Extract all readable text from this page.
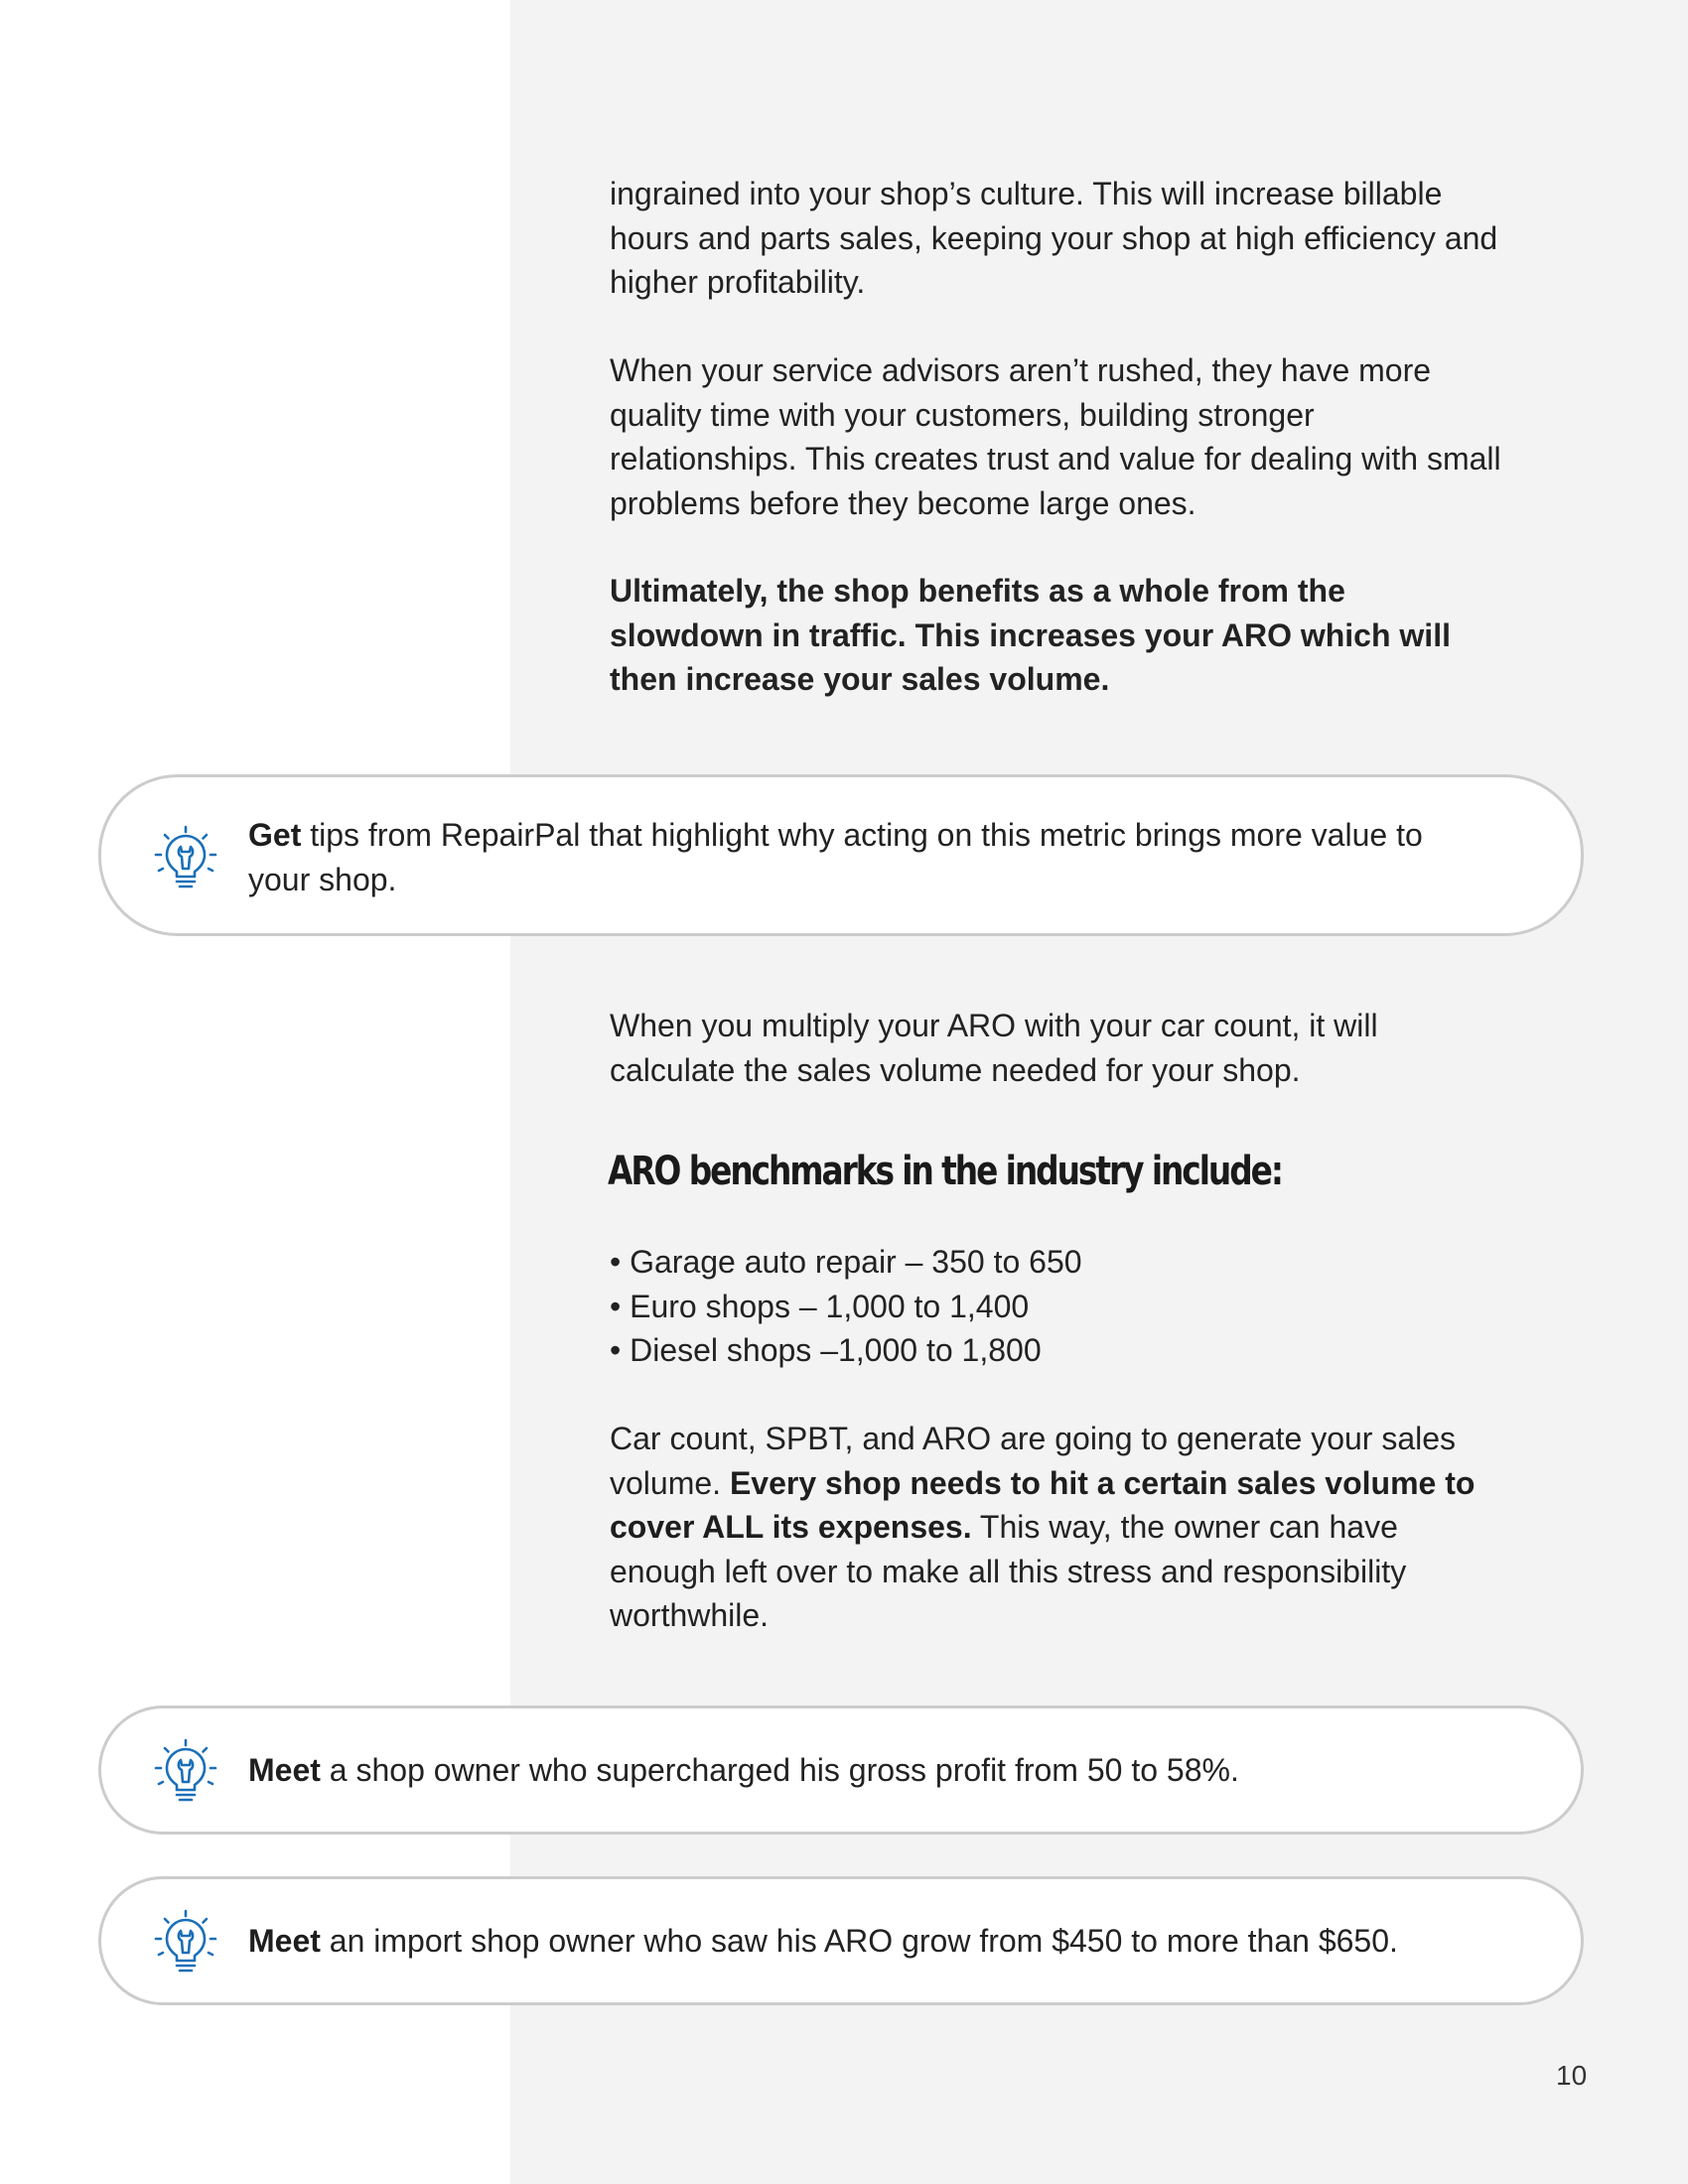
ingrained into your shop’s culture. This will increase billable hours and parts sales, keeping your shop at high efficiency and higher profitability.

When your service advisors aren’t rushed, they have more quality time with your customers, building stronger relationships. This creates trust and value for dealing with small problems before they become large ones.

Ultimately, the shop benefits as a whole from the slowdown in traffic. This increases your ARO which will then increase your sales volume.

Get tips from RepairPal that highlight why acting on this metric brings more value to your shop.

When you multiply your ARO with your car count, it will calculate the sales volume needed for your shop.

ARO benchmarks in the industry include:
• Garage auto repair – 350 to 650
• Euro shops – 1,000 to 1,400
• Diesel shops –1,000 to 1,800

Car count, SPBT, and ARO are going to generate your sales volume. Every shop needs to hit a certain sales volume to cover ALL its expenses. This way, the owner can have enough left over to make all this stress and responsibility worthwhile.

Meet a shop owner who supercharged his gross profit from 50 to 58%.

Meet an import shop owner who saw his ARO grow from $450 to more than $650.

10
